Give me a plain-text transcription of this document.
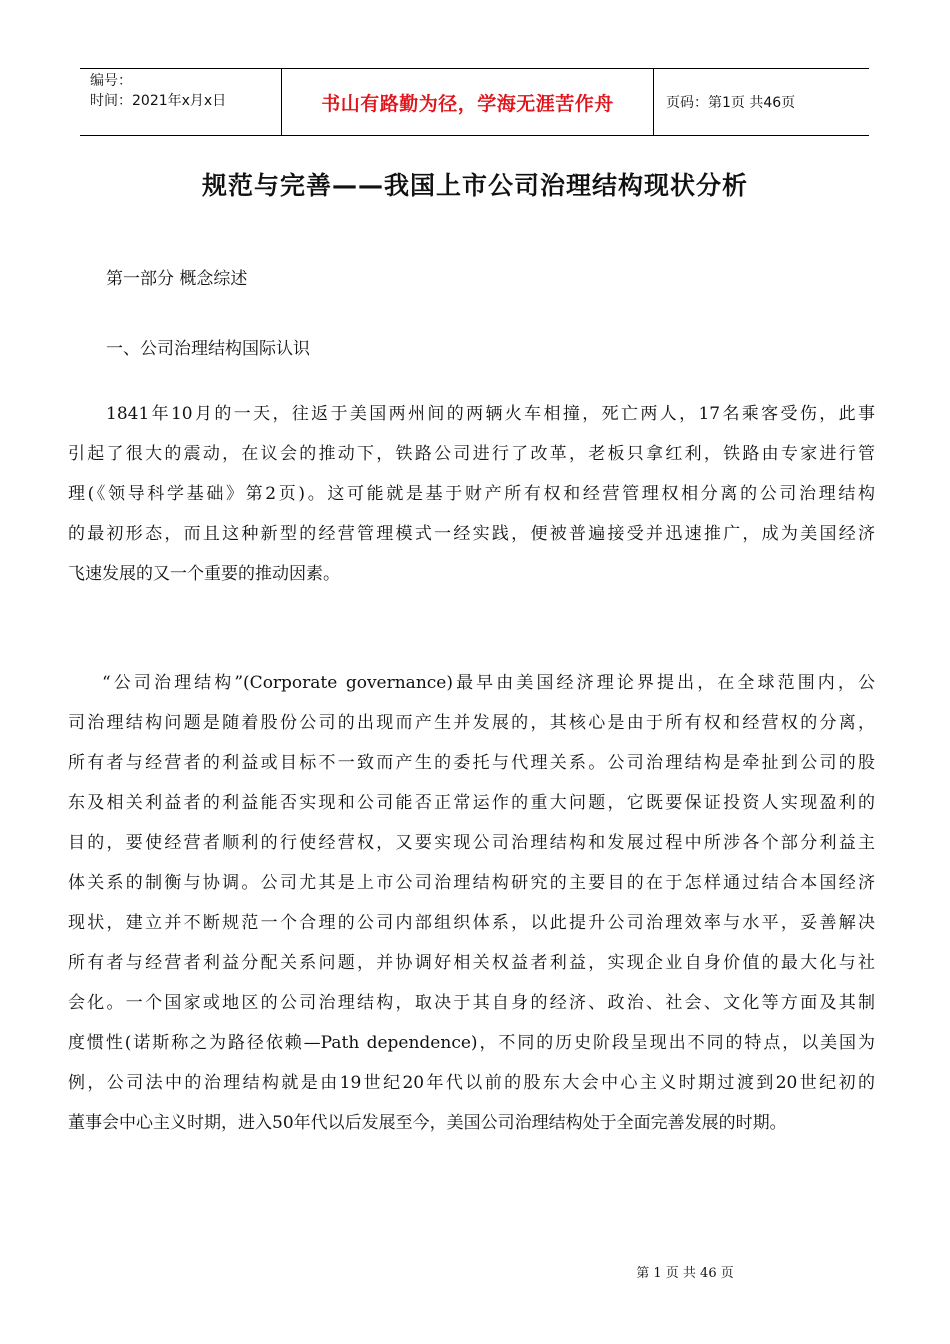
编号：
时间：2021年x月x日	书山有路勤为径，学海无涯苦作舟	页码：第1页 共46页
规范与完善——我国上市公司治理结构现状分析
第一部分 概念综述
一、公司治理结构国际认识
1841年10月的一天，往返于美国两州间的两辆火车相撞，死亡两人，17名乘客受伤，此事
引起了很大的震动，在议会的推动下，铁路公司进行了改革，老板只拿红利，铁路由专家进行管
理(《领导科学基础》第2页)。这可能就是基于财产所有权和经营管理权相分离的公司治理结构
的最初形态，而且这种新型的经营管理模式一经实践，便被普遍接受并迅速推广，成为美国经济
飞速发展的又一个重要的推动因素。
“公司治理结构”(Corporate governance)最早由美国经济理论界提出，在全球范围内，公
司治理结构问题是随着股份公司的出现而产生并发展的，其核心是由于所有权和经营权的分离，
所有者与经营者的利益或目标不一致而产生的委托与代理关系。公司治理结构是牵扯到公司的股
东及相关利益者的利益能否实现和公司能否正常运作的重大问题，它既要保证投资人实现盈利的
目的，要使经营者顺利的行使经营权，又要实现公司治理结构和发展过程中所涉各个部分利益主
体关系的制衡与协调。公司尤其是上市公司治理结构研究的主要目的在于怎样通过结合本国经济
现状，建立并不断规范一个合理的公司内部组织体系，以此提升公司治理效率与水平，妥善解决
所有者与经营者利益分配关系问题，并协调好相关权益者利益，实现企业自身价值的最大化与社
会化。一个国家或地区的公司治理结构，取决于其自身的经济、政治、社会、文化等方面及其制
度惯性(诺斯称之为路径依赖—Path dependence)，不同的历史阶段呈现出不同的特点，以美国为
例，公司法中的治理结构就是由19世纪20年代以前的股东大会中心主义时期过渡到20世纪初的
董事会中心主义时期，进入50年代以后发展至今，美国公司治理结构处于全面完善发展的时期。
第 1 页 共 46 页
